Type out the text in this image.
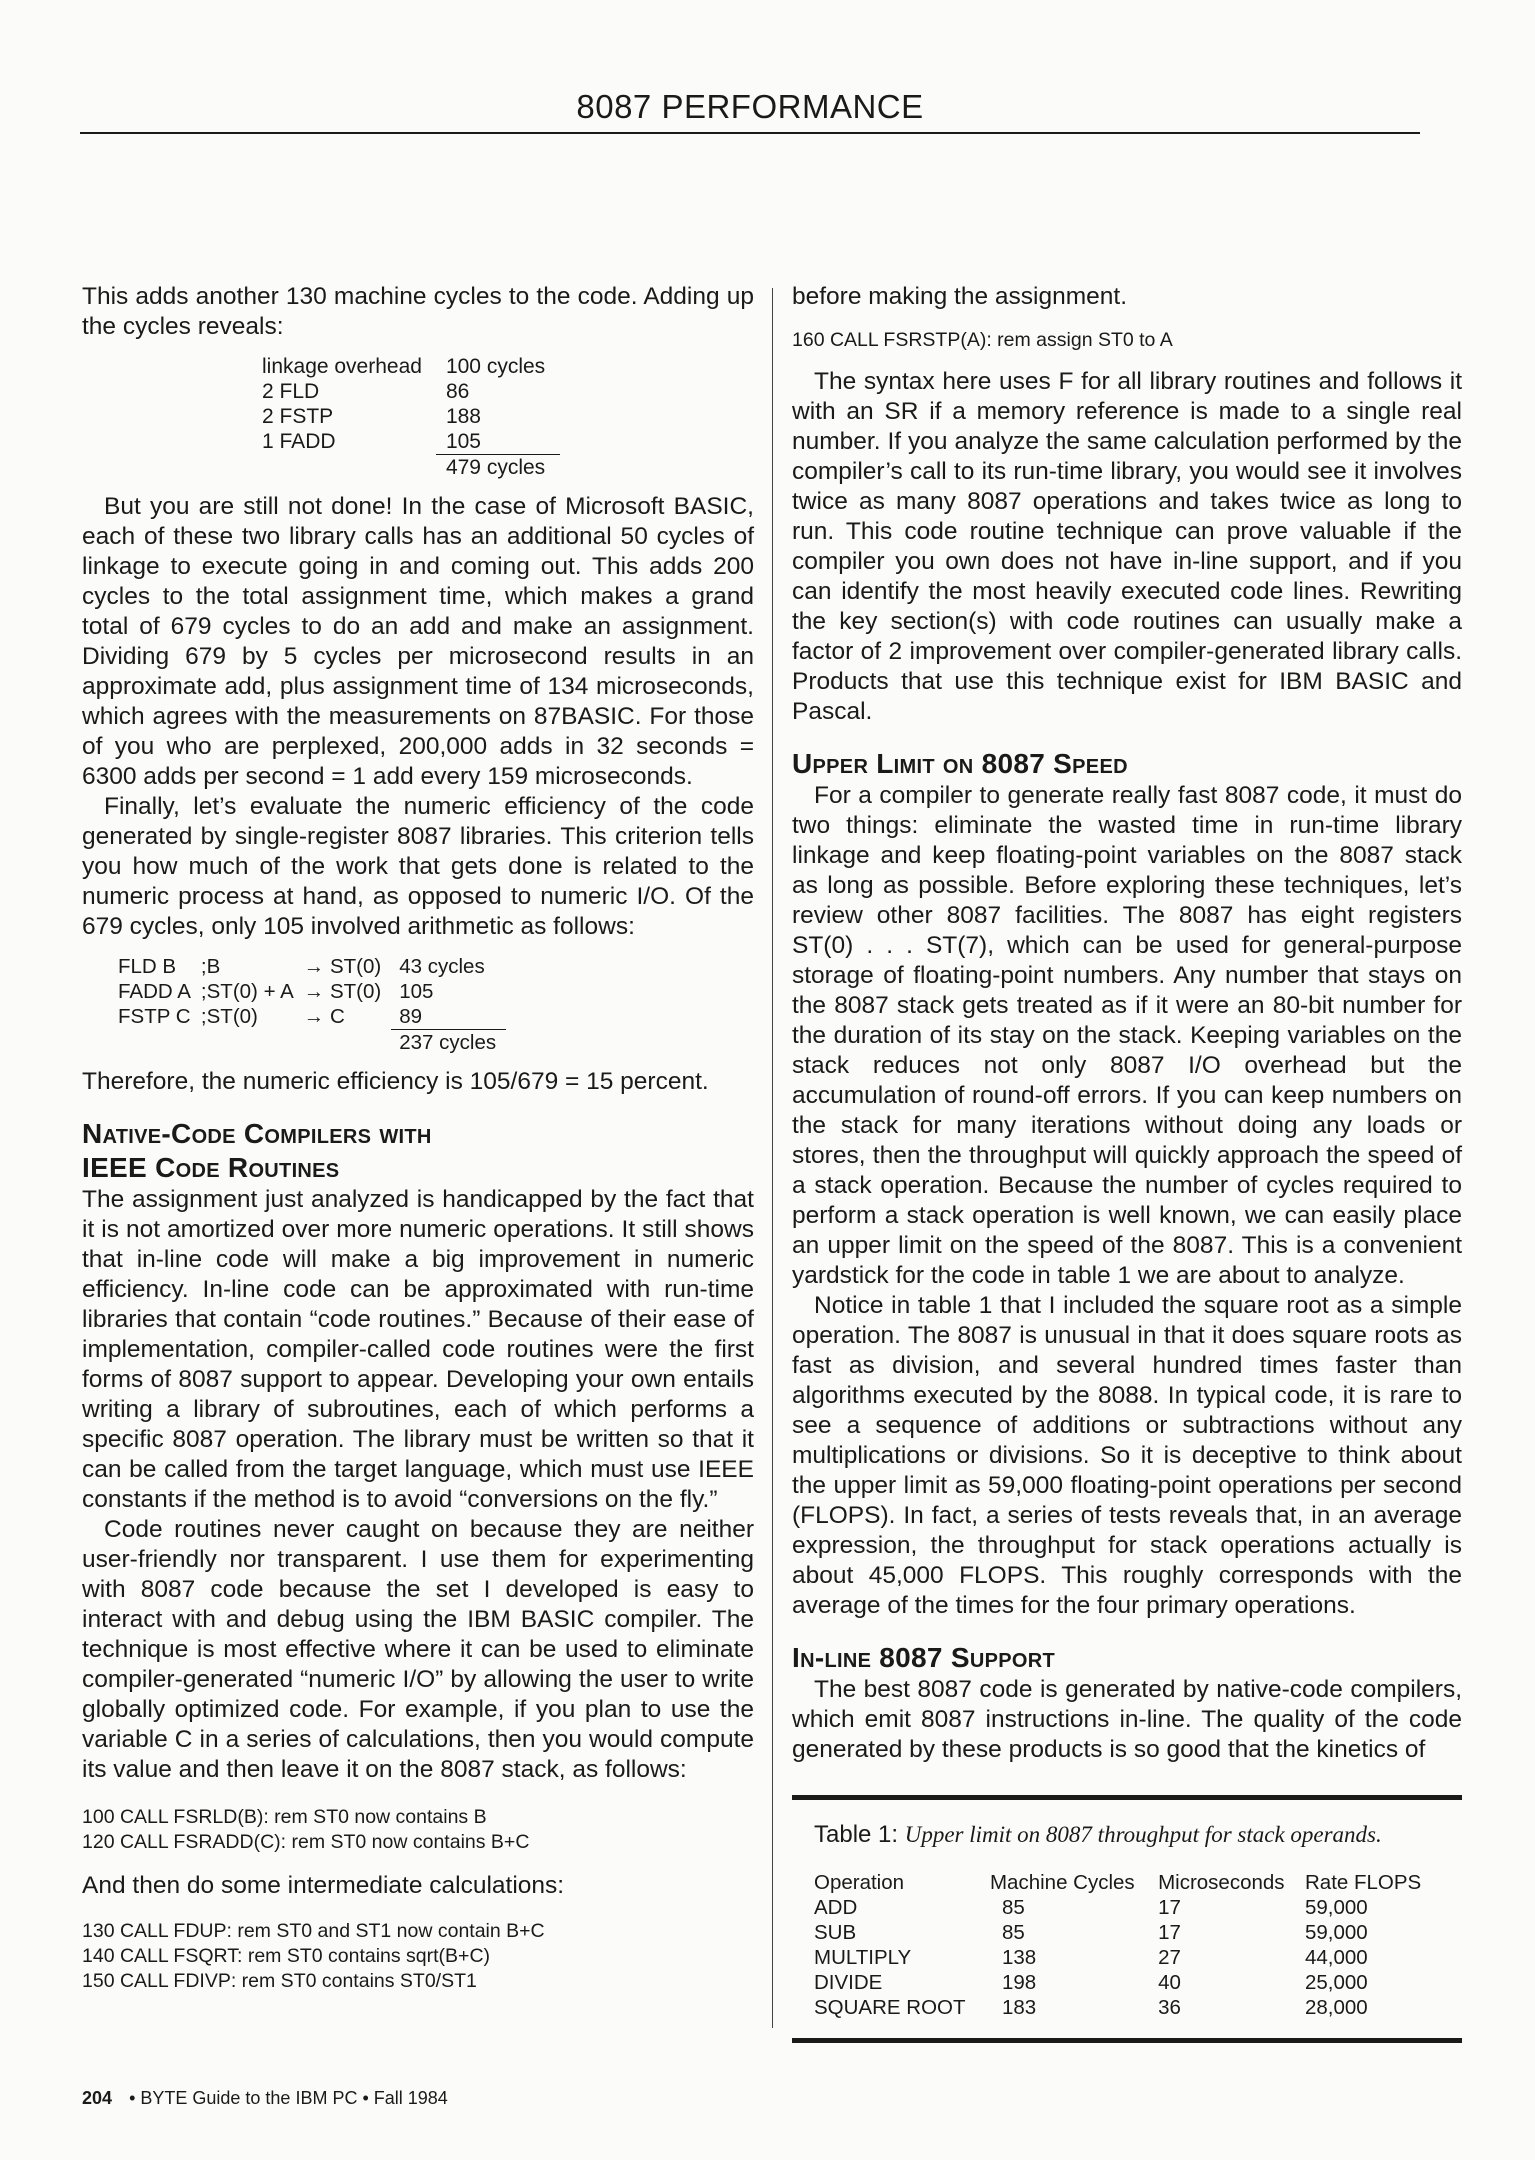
8087 PERFORMANCE

This adds another 130 machine cycles to the code. Adding up the cycles reveals:

linkage overhead	100 cycles
2 FLD	86
2 FSTP	188
1 FADD	105
	479 cycles

But you are still not done! In the case of Microsoft BASIC, each of these two library calls has an additional 50 cycles of linkage to execute going in and coming out. This adds 200 cycles to the total assignment time, which makes a grand total of 679 cycles to do an add and make an assignment. Dividing 679 by 5 cycles per microsecond results in an approximate add, plus assignment time of 134 microseconds, which agrees with the measurements on 87BASIC. For those of you who are perplexed, 200,000 adds in 32 seconds = 6300 adds per second = 1 add every 159 microseconds.

Finally, let’s evaluate the numeric efficiency of the code generated by single-register 8087 libraries. This criterion tells you how much of the work that gets done is related to the numeric process at hand, as opposed to numeric I/O. Of the 679 cycles, only 105 involved arithmetic as follows:

FLD B	;B	→ ST(0)	43 cycles
FADD A	;ST(0) + A	→ ST(0)	105
FSTP C	;ST(0)	→ C	89
			237 cycles

Therefore, the numeric efficiency is 105/679 = 15 percent.

Native-Code Compilers with
IEEE Code Routines

The assignment just analyzed is handicapped by the fact that it is not amortized over more numeric operations. It still shows that in-line code will make a big improvement in numeric efficiency. In-line code can be approximated with run-time libraries that contain “code routines.” Because of their ease of implementation, compiler-called code routines were the first forms of 8087 support to appear. Developing your own entails writing a library of subroutines, each of which performs a specific 8087 operation. The library must be written so that it can be called from the target language, which must use IEEE constants if the method is to avoid “conversions on the fly.”

Code routines never caught on because they are neither user-friendly nor transparent. I use them for experimenting with 8087 code because the set I developed is easy to interact with and debug using the IBM BASIC compiler. The technique is most effective where it can be used to eliminate compiler-generated “numeric I/O” by allowing the user to write globally optimized code. For example, if you plan to use the variable C in a series of calculations, then you would compute its value and then leave it on the 8087 stack, as follows:

100 CALL FSRLD(B): rem ST0 now contains B
120 CALL FSRADD(C): rem ST0 now contains B+C

And then do some intermediate calculations:

130 CALL FDUP: rem ST0 and ST1 now contain B+C
140 CALL FSQRT: rem ST0 contains sqrt(B+C)
150 CALL FDIVP: rem ST0 contains ST0/ST1

before making the assignment.

160 CALL FSRSTP(A): rem assign ST0 to A

The syntax here uses F for all library routines and follows it with an SR if a memory reference is made to a single real number. If you analyze the same calculation performed by the compiler’s call to its run-time library, you would see it involves twice as many 8087 operations and takes twice as long to run. This code routine technique can prove valuable if the compiler you own does not have in-line support, and if you can identify the most heavily executed code lines. Rewriting the key section(s) with code routines can usually make a factor of 2 improvement over compiler-generated library calls. Products that use this technique exist for IBM BASIC and Pascal.

Upper Limit on 8087 Speed

For a compiler to generate really fast 8087 code, it must do two things: eliminate the wasted time in run-time library linkage and keep floating-point variables on the 8087 stack as long as possible. Before exploring these techniques, let’s review other 8087 facilities. The 8087 has eight registers ST(0) . . . ST(7), which can be used for general-purpose storage of floating-point numbers. Any number that stays on the 8087 stack gets treated as if it were an 80-bit number for the duration of its stay on the stack. Keeping variables on the stack reduces not only 8087 I/O overhead but the accumulation of round-off errors. If you can keep numbers on the stack for many iterations without doing any loads or stores, then the throughput will quickly approach the speed of a stack operation. Because the number of cycles required to perform a stack operation is well known, we can easily place an upper limit on the speed of the 8087. This is a convenient yardstick for the code in table 1 we are about to analyze.

Notice in table 1 that I included the square root as a simple operation. The 8087 is unusual in that it does square roots as fast as division, and several hundred times faster than algorithms executed by the 8088. In typical code, it is rare to see a sequence of additions or subtractions without any multiplications or divisions. So it is deceptive to think about the upper limit as 59,000 floating-point operations per second (FLOPS). In fact, a series of tests reveals that, in an average expression, the throughput for stack operations actually is about 45,000 FLOPS. This roughly corresponds with the average of the times for the four primary operations.

In-line 8087 Support

The best 8087 code is generated by native-code compilers, which emit 8087 instructions in-line. The quality of the code generated by these products is so good that the kinetics of

Table 1: Upper limit on 8087 throughput for stack operands.
Operation	Machine Cycles	Microseconds	Rate FLOPS
ADD	85	17	59,000
SUB	85	17	59,000
MULTIPLY	138	27	44,000
DIVIDE	198	40	25,000
SQUARE ROOT	183	36	28,000
204 • BYTE Guide to the IBM PC • Fall 1984
